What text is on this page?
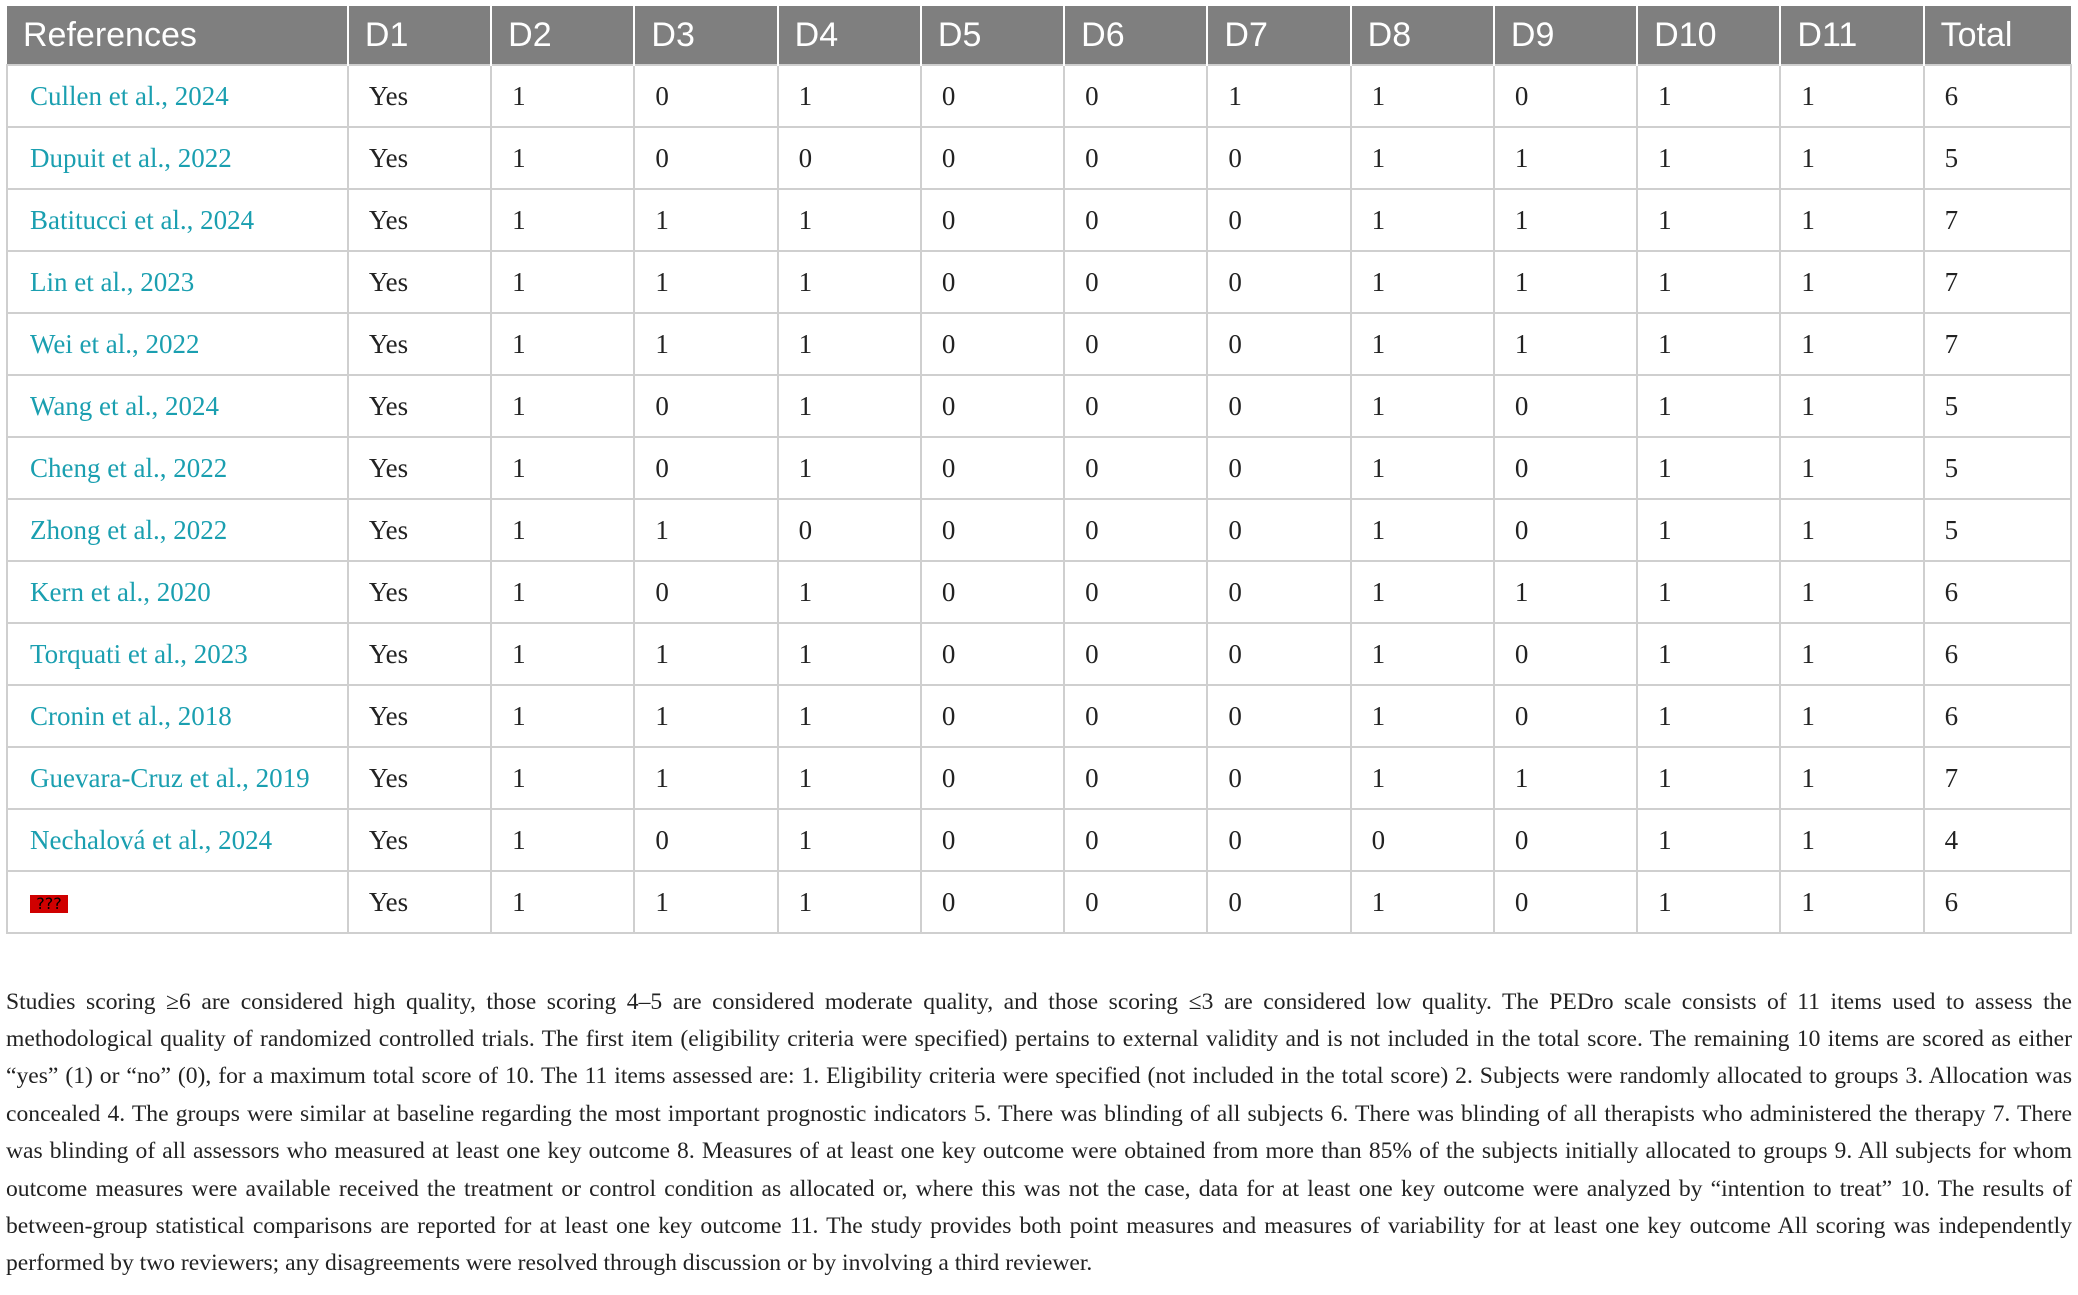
References	D1	D2	D3	D4	D5	D6	D7	D8	D9	D10	D11	Total
Cullen et al., 2024	Yes	1	0	1	0	0	1	1	0	1	1	6
Dupuit et al., 2022	Yes	1	0	0	0	0	0	1	1	1	1	5
Batitucci et al., 2024	Yes	1	1	1	0	0	0	1	1	1	1	7
Lin et al., 2023	Yes	1	1	1	0	0	0	1	1	1	1	7
Wei et al., 2022	Yes	1	1	1	0	0	0	1	1	1	1	7
Wang et al., 2024	Yes	1	0	1	0	0	0	1	0	1	1	5
Cheng et al., 2022	Yes	1	0	1	0	0	0	1	0	1	1	5
Zhong et al., 2022	Yes	1	1	0	0	0	0	1	0	1	1	5
Kern et al., 2020	Yes	1	0	1	0	0	0	1	1	1	1	6
Torquati et al., 2023	Yes	1	1	1	0	0	0	1	0	1	1	6
Cronin et al., 2018	Yes	1	1	1	0	0	0	1	0	1	1	6
Guevara-Cruz et al., 2019	Yes	1	1	1	0	0	0	1	1	1	1	7
Nechalová et al., 2024	Yes	1	0	1	0	0	0	0	0	1	1	4
???	Yes	1	1	1	0	0	0	1	0	1	1	6

Studies scoring ≥6 are considered high quality, those scoring 4–5 are considered moderate quality, and those scoring ≤3 are considered low quality. The PEDro scale consists of 11 items used to assess the methodological quality of randomized controlled trials. The first item (eligibility criteria were specified) pertains to external validity and is not included in the total score. The remaining 10 items are scored as either “yes” (1) or “no” (0), for a maximum total score of 10. The 11 items assessed are: 1. Eligibility criteria were specified (not included in the total score) 2. Subjects were randomly allocated to groups 3. Allocation was concealed 4. The groups were similar at baseline regarding the most important prognostic indicators 5. There was blinding of all subjects 6. There was blinding of all therapists who administered the therapy 7. There was blinding of all assessors who measured at least one key outcome 8. Measures of at least one key outcome were obtained from more than 85% of the subjects initially allocated to groups 9. All subjects for whom outcome measures were available received the treatment or control condition as allocated or, where this was not the case, data for at least one key outcome were analyzed by “intention to treat” 10. The results of between-group statistical comparisons are reported for at least one key outcome 11. The study provides both point measures and measures of variability for at least one key outcome All scoring was independently performed by two reviewers; any disagreements were resolved through discussion or by involving a third reviewer.
